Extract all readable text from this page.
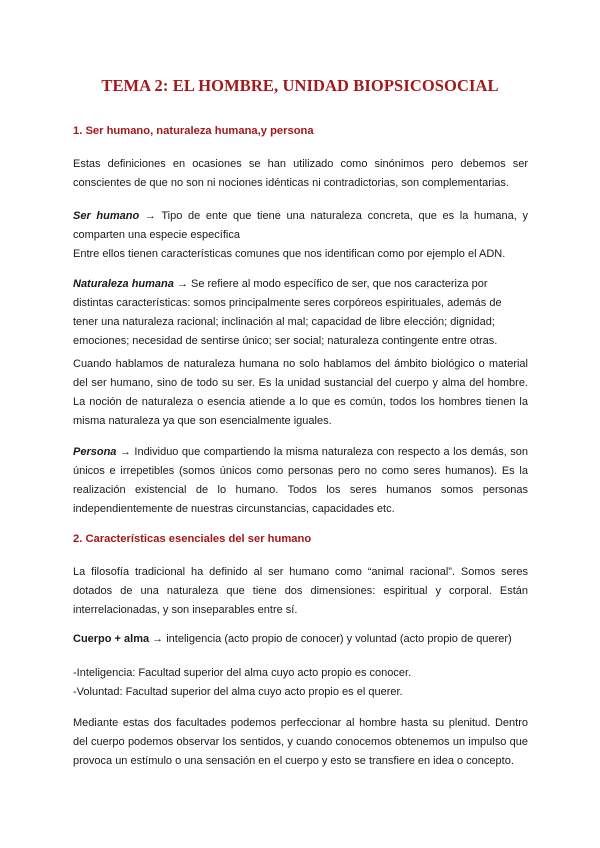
TEMA 2: EL HOMBRE, UNIDAD BIOPSICOSOCIAL
1. Ser humano, naturaleza humana,y persona
Estas definiciones en ocasiones se han utilizado como sinónimos pero debemos ser conscientes de que no son ni nociones idénticas ni contradictorias, son complementarias.
Ser humano → Tipo de ente que tiene una naturaleza concreta, que es la humana, y comparten una especie específica
Entre ellos tienen características comunes que nos identifican como por ejemplo el ADN.
Naturaleza humana → Se refiere al modo específico de ser, que nos caracteriza por
distintas características: somos principalmente seres corpóreos espirituales, además de
tener una naturaleza racional; inclinación al mal; capacidad de libre elección; dignidad;
emociones; necesidad de sentirse único; ser social; naturaleza contingente entre otras.
Cuando hablamos de naturaleza humana no solo hablamos del ámbito biológico o material del ser humano, sino de todo su ser. Es la unidad sustancial del cuerpo y alma del hombre. La noción de naturaleza o esencia atiende a lo que es común, todos los hombres tienen la misma naturaleza ya que son esencialmente iguales.
Persona → Individuo que compartiendo la misma naturaleza con respecto a los demás, son únicos e irrepetibles (somos únicos como personas pero no como seres humanos). Es la realización existencial de lo humano. Todos los seres humanos somos personas independientemente de nuestras circunstancias, capacidades etc.
2. Características esenciales del ser humano
La filosofía tradicional ha definido al ser humano como “animal racional”. Somos seres dotados de una naturaleza que tiene dos dimensiones: espiritual y corporal. Están interrelacionadas, y son inseparables entre sí.
Cuerpo + alma → inteligencia (acto propio de conocer) y voluntad (acto propio de querer)
-Inteligencia: Facultad superior del alma cuyo acto propio es conocer.
-Voluntad: Facultad superior del alma cuyo acto propio es el querer.
Mediante estas dos facultades podemos perfeccionar al hombre hasta su plenitud. Dentro del cuerpo podemos observar los sentidos, y cuando conocemos obtenemos un impulso que provoca un estímulo o una sensación en el cuerpo y esto se transfiere en idea o concepto.
